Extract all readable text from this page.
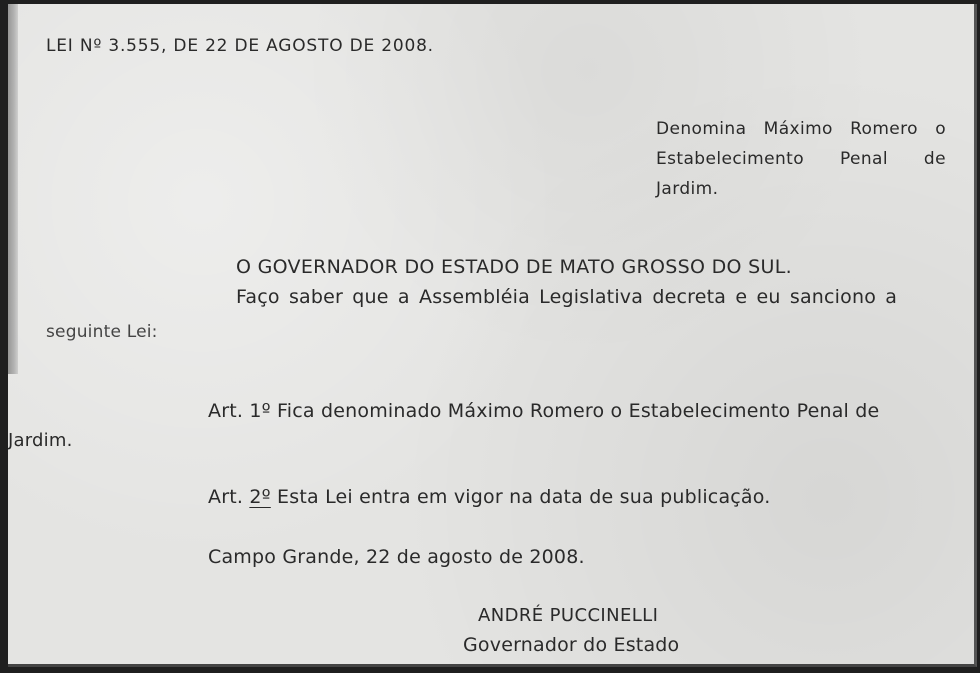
LEI Nº 3.555, DE 22 DE AGOSTO DE 2008.
Denomina Máximo Romero o Estabelecimento Penal de Jardim.
O GOVERNADOR DO ESTADO DE MATO GROSSO DO SUL.
Faço saber que a Assembléia Legislativa decreta e eu sanciono a
seguinte Lei:
Art. 1º Fica denominado Máximo Romero o Estabelecimento Penal de
Jardim.
Art. 2º Esta Lei entra em vigor na data de sua publicação.
Campo Grande, 22 de agosto de 2008.
ANDRÉ PUCCINELLI
Governador do Estado
